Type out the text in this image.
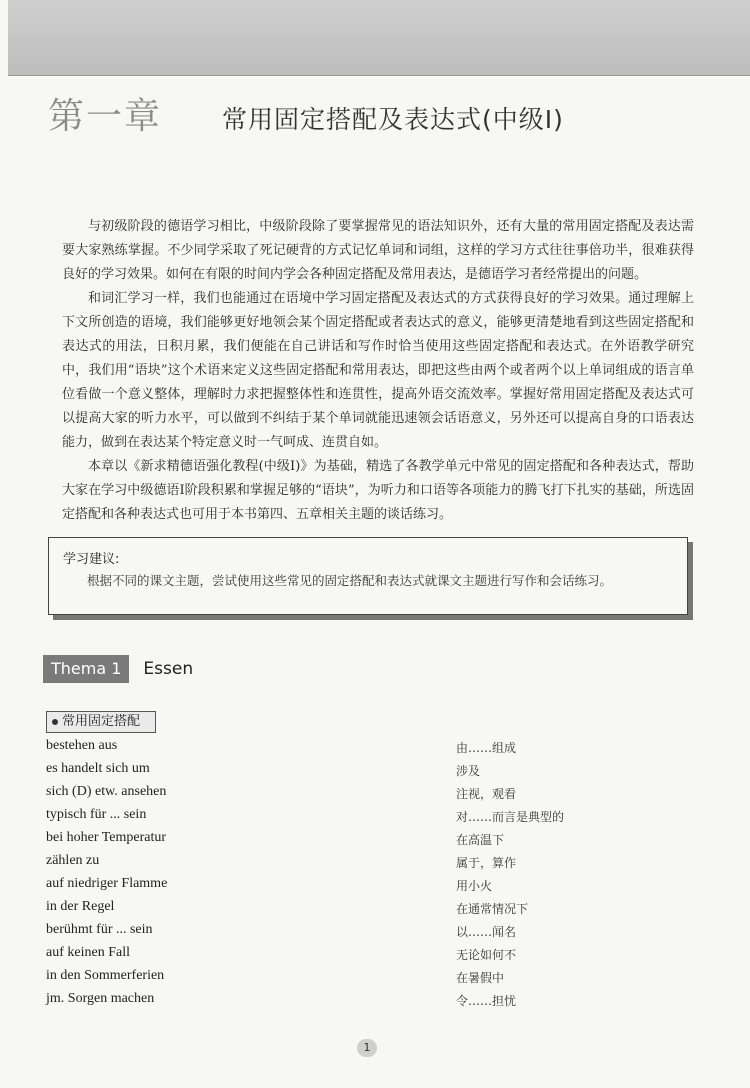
第一章 常用固定搭配及表达式(中级Ⅰ)

与初级阶段的德语学习相比，中级阶段除了要掌握常见的语法知识外，还有大量的常用固定搭配及表达需要大家熟练掌握。不少同学采取了死记硬背的方式记忆单词和词组，这样的学习方式往往事倍功半，很难获得良好的学习效果。如何在有限的时间内学会各种固定搭配及常用表达，是德语学习者经常提出的问题。

和词汇学习一样，我们也能通过在语境中学习固定搭配及表达式的方式获得良好的学习效果。通过理解上下文所创造的语境，我们能够更好地领会某个固定搭配或者表达式的意义，能够更清楚地看到这些固定搭配和表达式的用法，日积月累，我们便能在自己讲话和写作时恰当使用这些固定搭配和表达式。在外语教学研究中，我们用“语块”这个术语来定义这些固定搭配和常用表达，即把这些由两个或者两个以上单词组成的语言单位看做一个意义整体，理解时力求把握整体性和连贯性，提高外语交流效率。掌握好常用固定搭配及表达式可以提高大家的听力水平，可以做到不纠结于某个单词就能迅速领会话语意义，另外还可以提高自身的口语表达能力，做到在表达某个特定意义时一气呵成、连贯自如。

本章以《新求精德语强化教程(中级Ⅰ)》为基础，精选了各教学单元中常见的固定搭配和各种表达式，帮助大家在学习中级德语Ⅰ阶段积累和掌握足够的“语块”，为听力和口语等各项能力的腾飞打下扎实的基础，所选固定搭配和各种表达式也可用于本书第四、五章相关主题的谈话练习。

学习建议:
根据不同的课文主题，尝试使用这些常见的固定搭配和表达式就课文主题进行写作和会话练习。
Thema 1	Essen
常用固定搭配
bestehen aus	由……组成
es handelt sich um	涉及
sich (D) etw. ansehen	注视，观看
typisch für ... sein	对……而言是典型的
bei hoher Temperatur	在高温下
zählen zu	属于，算作
auf niedriger Flamme	用小火
in der Regel	在通常情况下
berühmt für ... sein	以……闻名
auf keinen Fall	无论如何不
in den Sommerferien	在暑假中
jm. Sorgen machen	令……担忧
1
